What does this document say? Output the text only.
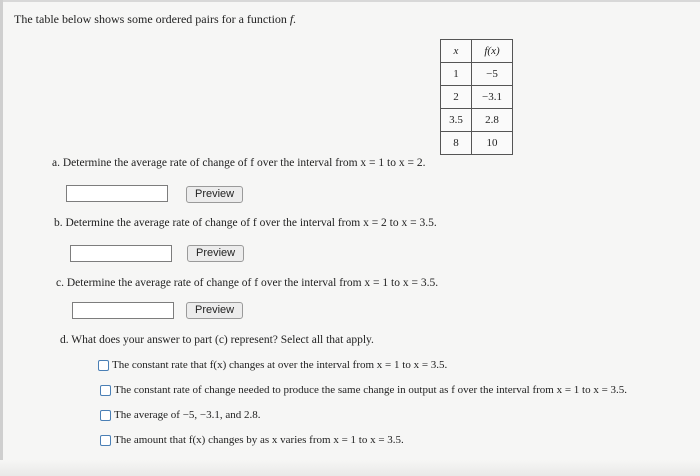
The table below shows some ordered pairs for a function f.
x	f(x)
1	−5
2	−3.1
3.5	2.8
8	10
a. Determine the average rate of change of f over the interval from x = 1 to x = 2.
Preview
b. Determine the average rate of change of f over the interval from x = 2 to x = 3.5.
Preview
c. Determine the average rate of change of f over the interval from x = 1 to x = 3.5.
Preview
d. What does your answer to part (c) represent? Select all that apply.
The constant rate that f(x) changes at over the interval from x = 1 to x = 3.5.
The constant rate of change needed to produce the same change in output as f over the interval from x = 1 to x = 3.5.
The average of −5, −3.1, and 2.8.
The amount that f(x) changes by as x varies from x = 1 to x = 3.5.
